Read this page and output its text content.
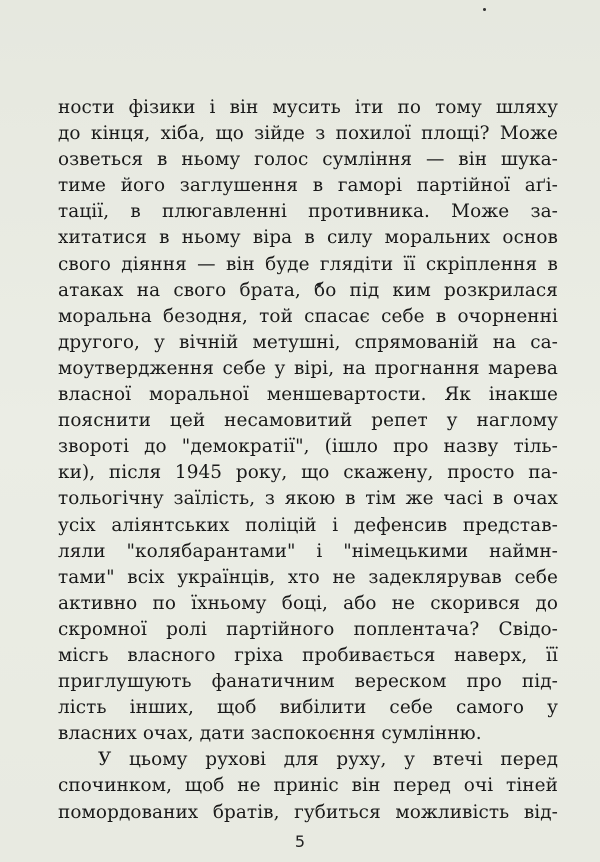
ности фізики і він мусить іти по тому шляху
до кінця, хіба, що зійде з похилої площі? Може
озветься в ньому голос сумління — він шука-
тиме його заглушення в гаморі партійної аґі-
тації, в плюгавленні противника. Може за-
хитатися в ньому віра в силу моральних основ
свого діяння — він буде глядіти її скріплення в
атаках на свого брата, бо під ким розкрилася
моральна безодня, той спасає себе в очорненні
другого, у вічній метушні, спрямованій на са-
моутвердження себе у вірі, на прогнання марева
власної моральної меншевартости. Як інакше
пояснити цей несамовитий репет у наглому
звороті до "демократії", (ішло про назву тіль-
ки), після 1945 року, що скажену, просто па-
тольогічну заїлість, з якою в тім же часі в очах
усіх аліянтських поліцій і дефенсив представ-
ляли "колябарантами" і "німецькими наймн-
тами" всіх українців, хто не задеклярував себе
активно по їхньому боці, або не скорився до
скромної ролі партійного поплентача? Свідо-
місгь власного гріха пробивається наверх, її
приглушують фанатичним вереском про під-
лість інших, щоб вибілити себе самого у
власних очах, дати заспокоєння сумлінню.
У цьому рухові для руху, у втечі перед
спочинком, щоб не приніс він перед очі тіней
помордованих братів, губиться можливість від-
5
